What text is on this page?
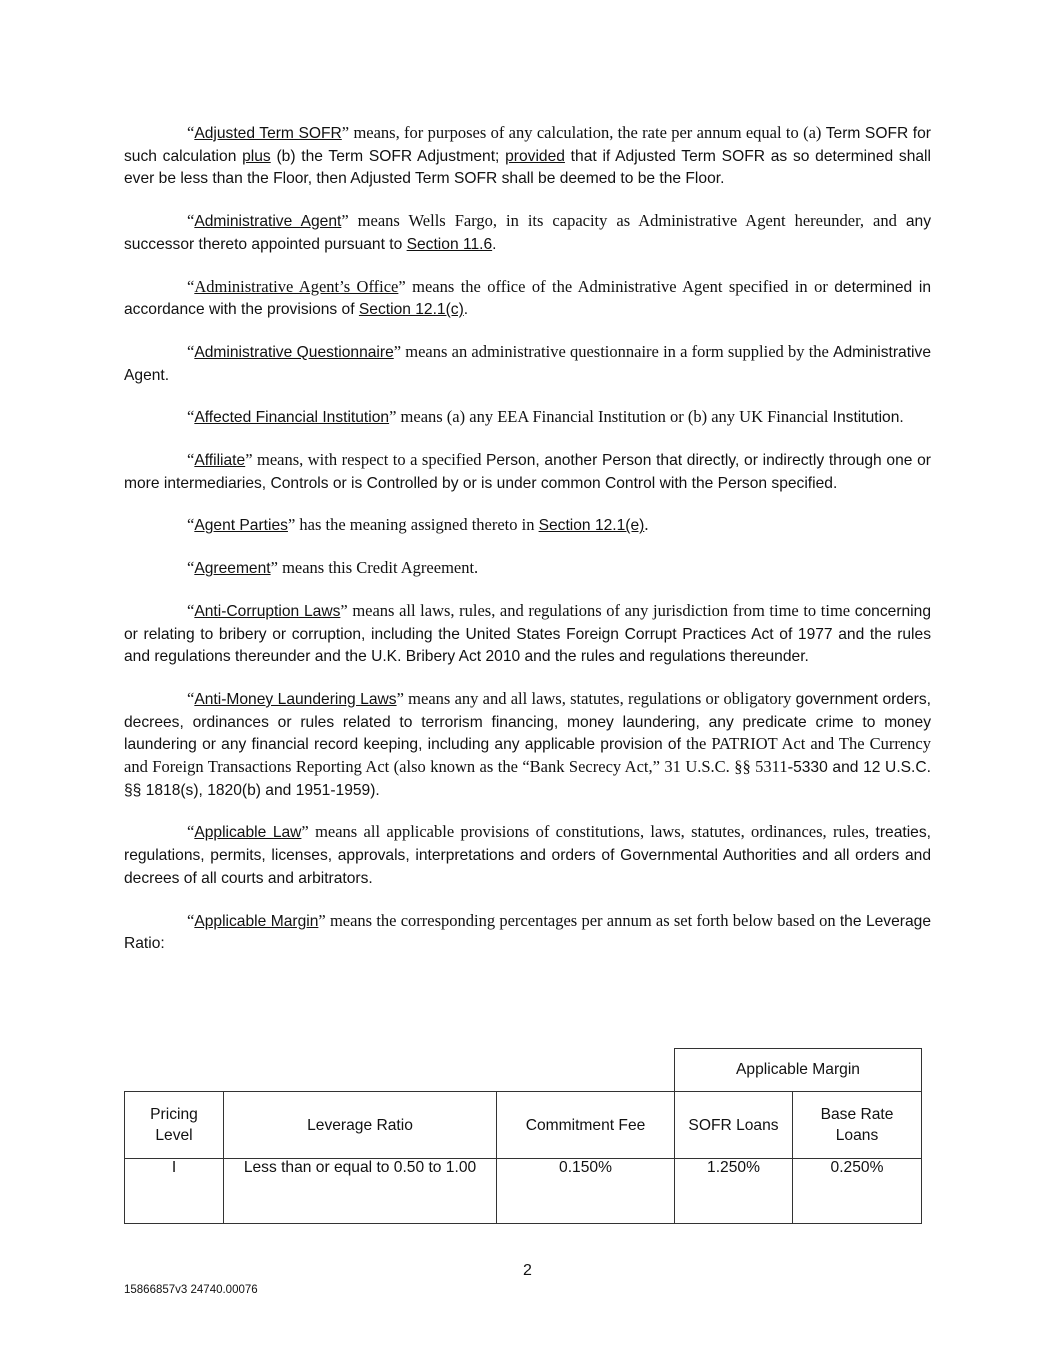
“Adjusted Term SOFR” means, for purposes of any calculation, the rate per annum equal to (a) Term SOFR for such calculation plus (b) the Term SOFR Adjustment; provided that if Adjusted Term SOFR as so determined shall ever be less than the Floor, then Adjusted Term SOFR shall be deemed to be the Floor.

“Administrative Agent” means Wells Fargo, in its capacity as Administrative Agent hereunder, and any successor thereto appointed pursuant to Section 11.6.

“Administrative Agent’s Office” means the office of the Administrative Agent specified in or determined in accordance with the provisions of Section 12.1(c).

“Administrative Questionnaire” means an administrative questionnaire in a form supplied by the Administrative Agent.

“Affected Financial Institution” means (a) any EEA Financial Institution or (b) any UK Financial Institution.

“Affiliate” means, with respect to a specified Person, another Person that directly, or indirectly through one or more intermediaries, Controls or is Controlled by or is under common Control with the Person specified.

“Agent Parties” has the meaning assigned thereto in Section 12.1(e).

“Agreement” means this Credit Agreement.

“Anti-Corruption Laws” means all laws, rules, and regulations of any jurisdiction from time to time concerning or relating to bribery or corruption, including the United States Foreign Corrupt Practices Act of 1977 and the rules and regulations thereunder and the U.K. Bribery Act 2010 and the rules and regulations thereunder.

“Anti-Money Laundering Laws” means any and all laws, statutes, regulations or obligatory government orders, decrees, ordinances or rules related to terrorism financing, money laundering, any predicate crime to money laundering or any financial record keeping, including any applicable provision of the PATRIOT Act and The Currency and Foreign Transactions Reporting Act (also known as the “Bank Secrecy Act,” 31 U.S.C. §§ 5311-5330 and 12 U.S.C. §§ 1818(s), 1820(b) and 1951-1959).

“Applicable Law” means all applicable provisions of constitutions, laws, statutes, ordinances, rules, treaties, regulations, permits, licenses, approvals, interpretations and orders of Governmental Authorities and all orders and decrees of all courts and arbitrators.

“Applicable Margin” means the corresponding percentages per annum as set forth below based on the Leverage Ratio:

			Applicable Margin	
Pricing Level	Leverage Ratio	Commitment Fee	SOFR Loans	Base Rate Loans
I	Less than or equal to 0.50 to 1.00	0.150%	1.250%	0.250%
2
15866857v3 24740.00076
